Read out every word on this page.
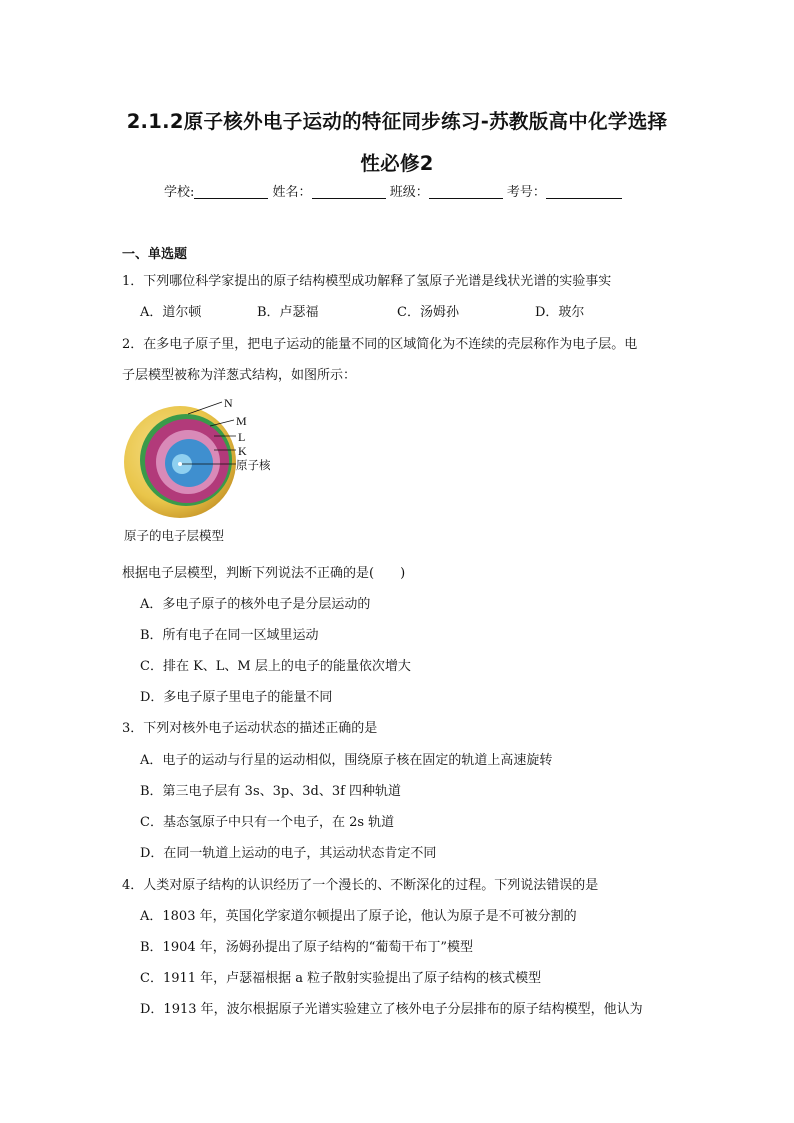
2.1.2原子核外电子运动的特征同步练习-苏教版高中化学选择
性必修2
学校:	姓名：	班级：	考号：
一、单选题
1．下列哪位科学家提出的原子结构模型成功解释了氢原子光谱是线状光谱的实验事实
A．道尔顿	B．卢瑟福	C．汤姆孙	D．玻尔
2．在多电子原子里，把电子运动的能量不同的区域简化为不连续的壳层称作为电子层。电
子层模型被称为洋葱式结构，如图所示：
N
M
L
K
原子核
原子的电子层模型
根据电子层模型，判断下列说法不正确的是(　　)
A．多电子原子的核外电子是分层运动的
B．所有电子在同一区域里运动
C．排在 K、L、M 层上的电子的能量依次增大
D．多电子原子里电子的能量不同
3．下列对核外电子运动状态的描述正确的是
A．电子的运动与行星的运动相似，围绕原子核在固定的轨道上高速旋转
B．第三电子层有 3s、3p、3d、3f 四种轨道
C．基态氢原子中只有一个电子，在 2s 轨道
D．在同一轨道上运动的电子，其运动状态肯定不同
4．人类对原子结构的认识经历了一个漫长的、不断深化的过程。下列说法错误的是
A．1803 年，英国化学家道尔顿提出了原子论，他认为原子是不可被分割的
B．1904 年，汤姆孙提出了原子结构的“葡萄干布丁”模型
C．1911 年，卢瑟福根据 a 粒子散射实验提出了原子结构的核式模型
D．1913 年，波尔根据原子光谱实验建立了核外电子分层排布的原子结构模型，他认为
